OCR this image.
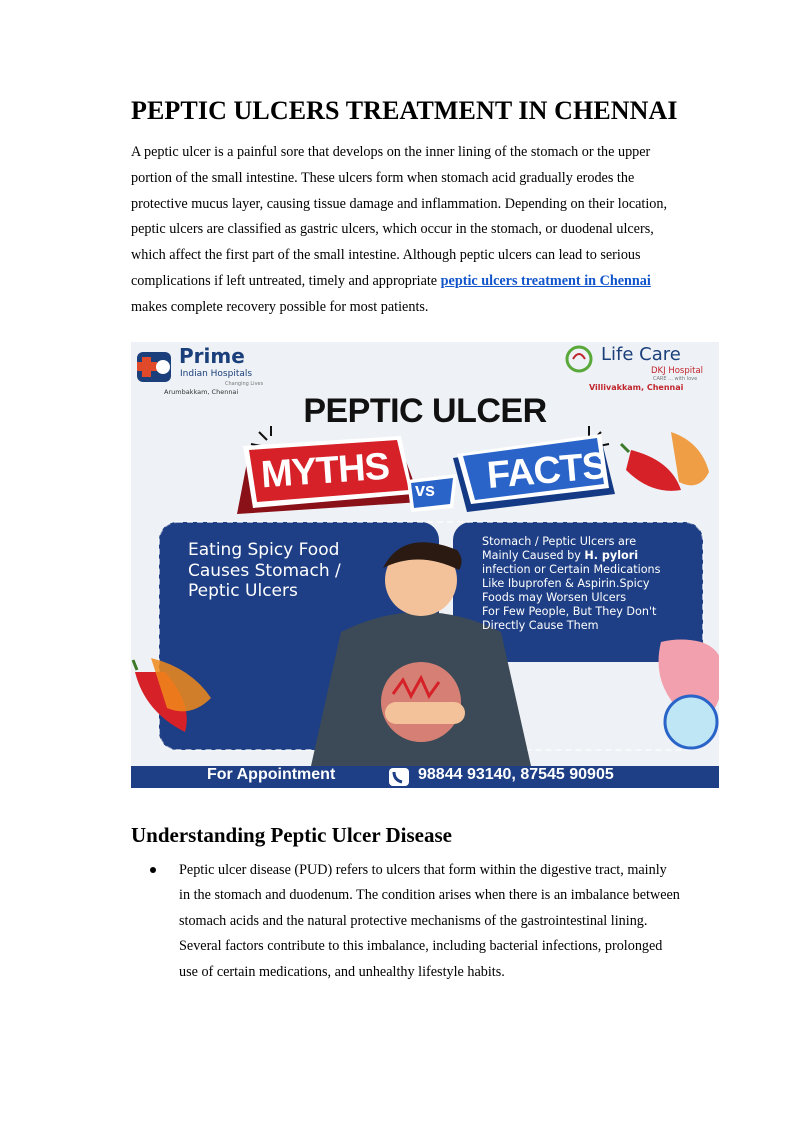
PEPTIC ULCERS TREATMENT IN CHENNAI

A peptic ulcer is a painful sore that develops on the inner lining of the stomach or the upper

portion of the small intestine. These ulcers form when stomach acid gradually erodes the

protective mucus layer, causing tissue damage and inflammation. Depending on their location,

peptic ulcers are classified as gastric ulcers, which occur in the stomach, or duodenal ulcers,

which affect the first part of the small intestine. Although peptic ulcers can lead to serious

complications if left untreated, timely and appropriate peptic ulcers treatment in Chennai

makes complete recovery possible for most patients.

Prime
Indian Hospitals
Changing Lives
Arumbakkam, Chennai
Life Care
DKJ Hospital
CARE ... with love
Villivakkam, Chennai
PEPTIC ULCER
MYTHS vs FACTS
Eating Spicy Food Causes Stomach / Peptic Ulcers
Stomach / Peptic Ulcers are
Mainly Caused by H. pylori
infection or Certain Medications
Like Ibuprofen & Aspirin.Spicy
Foods may Worsen Ulcers
For Few People, But They Don't
Directly Cause Them
For Appointment	98844 93140, 87545 90905
Understanding Peptic Ulcer Disease
Peptic ulcer disease (PUD) refers to ulcers that form within the digestive tract, mainly
in the stomach and duodenum. The condition arises when there is an imbalance between
stomach acids and the natural protective mechanisms of the gastrointestinal lining.
Several factors contribute to this imbalance, including bacterial infections, prolonged
use of certain medications, and unhealthy lifestyle habits.
